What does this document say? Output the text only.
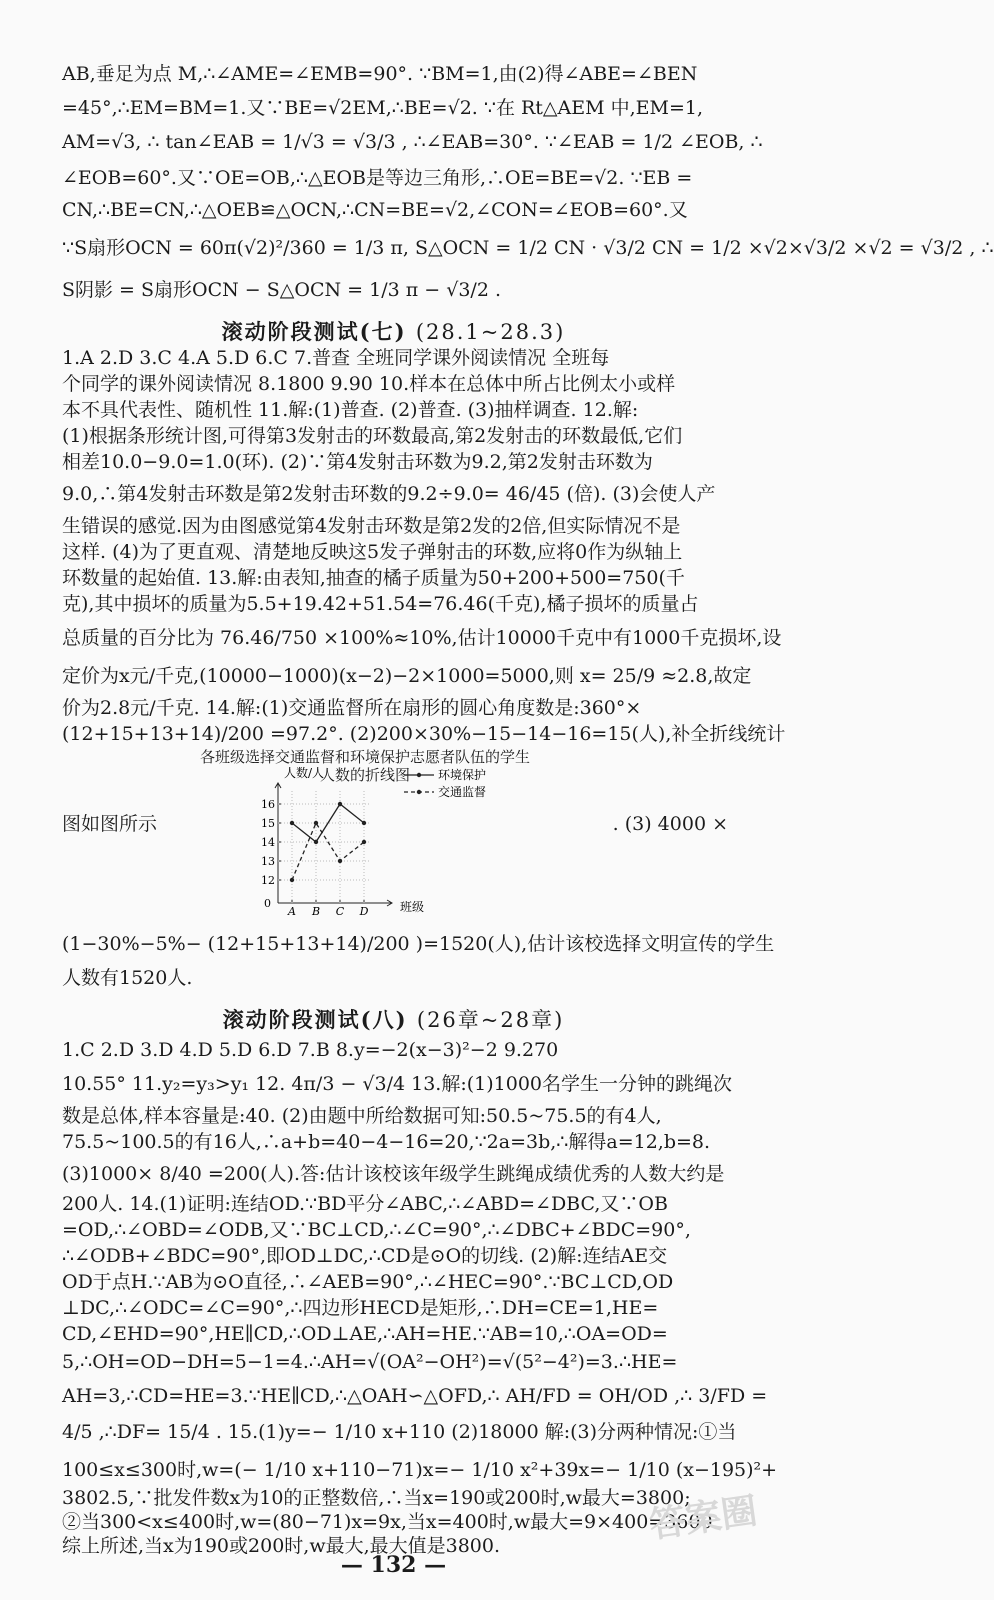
AB,垂足为点 M,∴∠AME=∠EMB=90°. ∵BM=1,由(2)得∠ABE=∠BEN
=45°,∴EM=BM=1.又∵BE=√2EM,∴BE=√2. ∵在 Rt△AEM 中,EM=1,
AM=√3, ∴ tan∠EAB = 1/√3 = √3/3 , ∴∠EAB=30°. ∵∠EAB = 1/2 ∠EOB, ∴
∠EOB=60°.又∵OE=OB,∴△EOB是等边三角形,∴OE=BE=√2. ∵EB =
CN,∴BE=CN,∴△OEB≌△OCN,∴CN=BE=√2,∠CON=∠EOB=60°.又
∵S扇形OCN = 60π(√2)²/360 = 1/3 π, S△OCN = 1/2 CN · √3/2 CN = 1/2 ×√2×√3/2 ×√2 = √3/2 , ∴
S阴影 = S扇形OCN − S△OCN = 1/3 π − √3/2 .
滚动阶段测试(七) (28.1~28.3)
1.A 2.D 3.C 4.A 5.D 6.C 7.普查 全班同学课外阅读情况 全班每
个同学的课外阅读情况 8.1800 9.90 10.样本在总体中所占比例太小或样
本不具代表性、随机性 11.解:(1)普查. (2)普查. (3)抽样调查. 12.解:
(1)根据条形统计图,可得第3发射击的环数最高,第2发射击的环数最低,它们
相差10.0−9.0=1.0(环). (2)∵第4发射击环数为9.2,第2发射击环数为
9.0,∴第4发射击环数是第2发射击环数的9.2÷9.0= 46/45 (倍). (3)会使人产
生错误的感觉.因为由图感觉第4发射击环数是第2发的2倍,但实际情况不是
这样. (4)为了更直观、清楚地反映这5发子弹射击的环数,应将0作为纵轴上
环数量的起始值. 13.解:由表知,抽查的橘子质量为50+200+500=750(千
克),其中损坏的质量为5.5+19.42+51.54=76.46(千克),橘子损坏的质量占
总质量的百分比为 76.46/750 ×100%≈10%,估计10000千克中有1000千克损坏,设
定价为x元/千克,(10000−1000)(x−2)−2×1000=5000,则 x= 25/9 ≈2.8,故定
价为2.8元/千克. 14.解:(1)交通监督所在扇形的圆心角度数是:360°×
(12+15+13+14)/200 =97.2°. (2)200×30%−15−14−16=15(人),补全折线统计
各班级选择交通监督和环境保护志愿者队伍的学生人数的折线图
图如图所示	. (3) 4000 ×
人数/人
班级
0
12
13
14
15
16
A B C D
环境保护
交通监督
(1−30%−5%− (12+15+13+14)/200 )=1520(人),估计该校选择文明宣传的学生
人数有1520人.
滚动阶段测试(八) (26章~28章)
1.C 2.D 3.D 4.D 5.D 6.D 7.B 8.y=−2(x−3)²−2 9.270
10.55° 11.y₂=y₃>y₁ 12. 4π/3 − √3/4 13.解:(1)1000名学生一分钟的跳绳次
数是总体,样本容量是:40. (2)由题中所给数据可知:50.5~75.5的有4人,
75.5~100.5的有16人,∴a+b=40−4−16=20,∵2a=3b,∴解得a=12,b=8.
(3)1000× 8/40 =200(人).答:估计该校该年级学生跳绳成绩优秀的人数大约是
200人. 14.(1)证明:连结OD.∵BD平分∠ABC,∴∠ABD=∠DBC,又∵OB
=OD,∴∠OBD=∠ODB,又∵BC⊥CD,∴∠C=90°,∴∠DBC+∠BDC=90°,
∴∠ODB+∠BDC=90°,即OD⊥DC,∴CD是⊙O的切线. (2)解:连结AE交
OD于点H.∵AB为⊙O直径,∴∠AEB=90°,∴∠HEC=90°.∵BC⊥CD,OD
⊥DC,∴∠ODC=∠C=90°,∴四边形HECD是矩形,∴DH=CE=1,HE=
CD,∠EHD=90°,HE∥CD,∴OD⊥AE,∴AH=HE.∵AB=10,∴OA=OD=
5,∴OH=OD−DH=5−1=4.∴AH=√(OA²−OH²)=√(5²−4²)=3.∴HE=
AH=3,∴CD=HE=3.∵HE∥CD,∴△OAH∽△OFD,∴ AH/FD = OH/OD ,∴ 3/FD =
4/5 ,∴DF= 15/4 . 15.(1)y=− 1/10 x+110 (2)18000 解:(3)分两种情况:①当
100≤x≤300时,w=(− 1/10 x+110−71)x=− 1/10 x²+39x=− 1/10 (x−195)²+
3802.5,∵批发件数x为10的正整数倍,∴当x=190或200时,w最大=3800;
②当300<x≤400时,w=(80−71)x=9x,当x=400时,w最大=9×400=3600.
综上所述,当x为190或200时,w最大,最大值是3800.	答案圈
— 132 —
